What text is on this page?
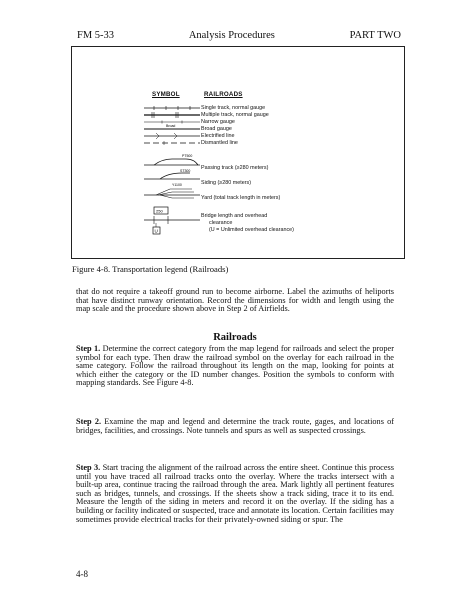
FM 5-33	Analysis Procedures	PART TWO
SYMBOL	RAILROADS
Broad
PT500
ST300
Y1100
250
U
Single track, normal gauge
Multiple track, normal gauge
Narrow gauge
Broad gauge
Electrified line
Dismantled line
Passing track (≥280 meters)
Siding (≥280 meters)
Yard (total track length in meters)
Bridge length and overhead
clearance
(U = Unlimited overhead clearance)
Figure 4-8. Transportation legend (Railroads)
that do not require a takeoff ground run to become airborne. Label the azimuths of heliports that have distinct runway orientation. Record the dimensions for width and length using the map scale and the procedure shown above in Step 2 of Airfields.
Railroads
Step 1. Determine the correct category from the map legend for railroads and select the proper symbol for each type. Then draw the railroad symbol on the overlay for each railroad in the same category. Follow the railroad throughout its length on the map, looking for points at which either the category or the ID number changes. Position the symbols to conform with mapping standards. See Figure 4-8.
Step 2. Examine the map and legend and determine the track route, gages, and locations of bridges, facilities, and crossings. Note tunnels and spurs as well as suspected crossings.
Step 3. Start tracing the alignment of the railroad across the entire sheet. Continue this process until you have traced all railroad tracks onto the overlay. Where the tracks intersect with a built-up area, continue tracing the railroad through the area. Mark lightly all pertinent features such as bridges, tunnels, and crossings. If the sheets show a track siding, trace it to its end. Measure the length of the siding in meters and record it on the overlay. If the siding has a building or facility indicated or suspected, trace and annotate its location. Certain facilities may sometimes provide electrical tracks for their privately-owned siding or spur. The
4-8
